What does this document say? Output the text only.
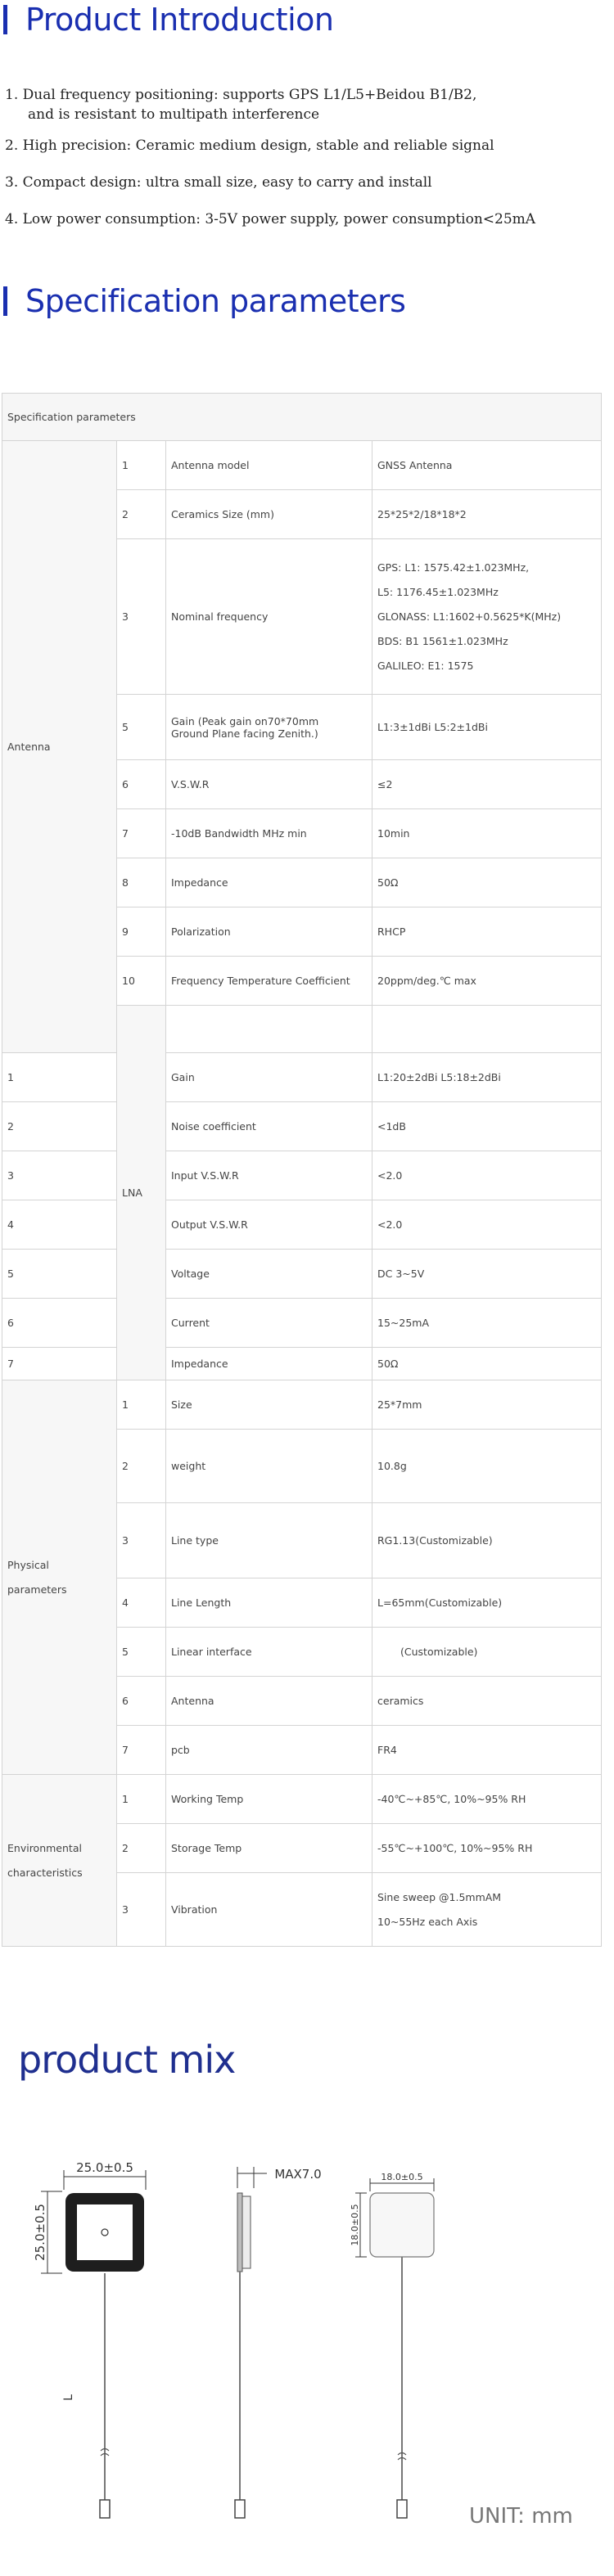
Product Introduction
1. Dual frequency positioning: supports GPS L1/L5+Beidou B1/B2,
and is resistant to multipath interference
2. High precision: Ceramic medium design, stable and reliable signal
3. Compact design: ultra small size, easy to carry and install
4. Low power consumption: 3-5V power supply, power consumption<25mA
Specification parameters
Specification parameters				
Antenna	1	Antenna model	GNSS Antenna	
	2	Ceramics Size (mm)	25*25*2/18*18*2	
	3	Nominal frequency	GPS: L1: 1575.42±1.023MHz,
L5: 1176.45±1.023MHz
GLONASS: L1:1602+0.5625*K(MHz)
BDS: B1 1561±1.023MHz
GALILEO: E1: 1575	

	5	Gain (Peak gain on70*70mm
Ground Plane facing Zenith.)	L1:3±1dBi L5:2±1dBi	
	6	V.S.W.R	≤2	
	7	-10dB Bandwidth MHz min	10min	
	8	Impedance	50Ω	
	9	Polarization	RHCP	
	10	Frequency Temperature Coefficient	20ppm/deg.℃ max	
	LNA			
1		Gain	L1:20±2dBi L5:18±2dBi	
2		Noise coefficient	<1dB	
3		Input V.S.W.R	<2.0	
4		Output V.S.W.R	<2.0	
5		Voltage	DC 3~5V	
6		Current	15~25mA	
7		Impedance	50Ω	
Physical parameters	1	Size	25*7mm	
	2	weight	10.8g	
	3	Line type	RG1.13(Customizable)	
	4	Line Length	L=65mm(Customizable)	
	5	Linear interface	(Customizable)	
	6	Antenna	ceramics	
	7	pcb	FR4	
Environmental characteristics	1	Working Temp	-40℃~+85℃, 10%~95% RH	
	2	Storage Temp	-55℃~+100℃, 10%~95% RH	
	3	Vibration	Sine sweep @1.5mmAM
10~55Hz each Axis	
product mix
25.0±0.5
25.0±0.5
L
MAX7.0	18.0±0.5
18.0±0.5
UNIT: mm
